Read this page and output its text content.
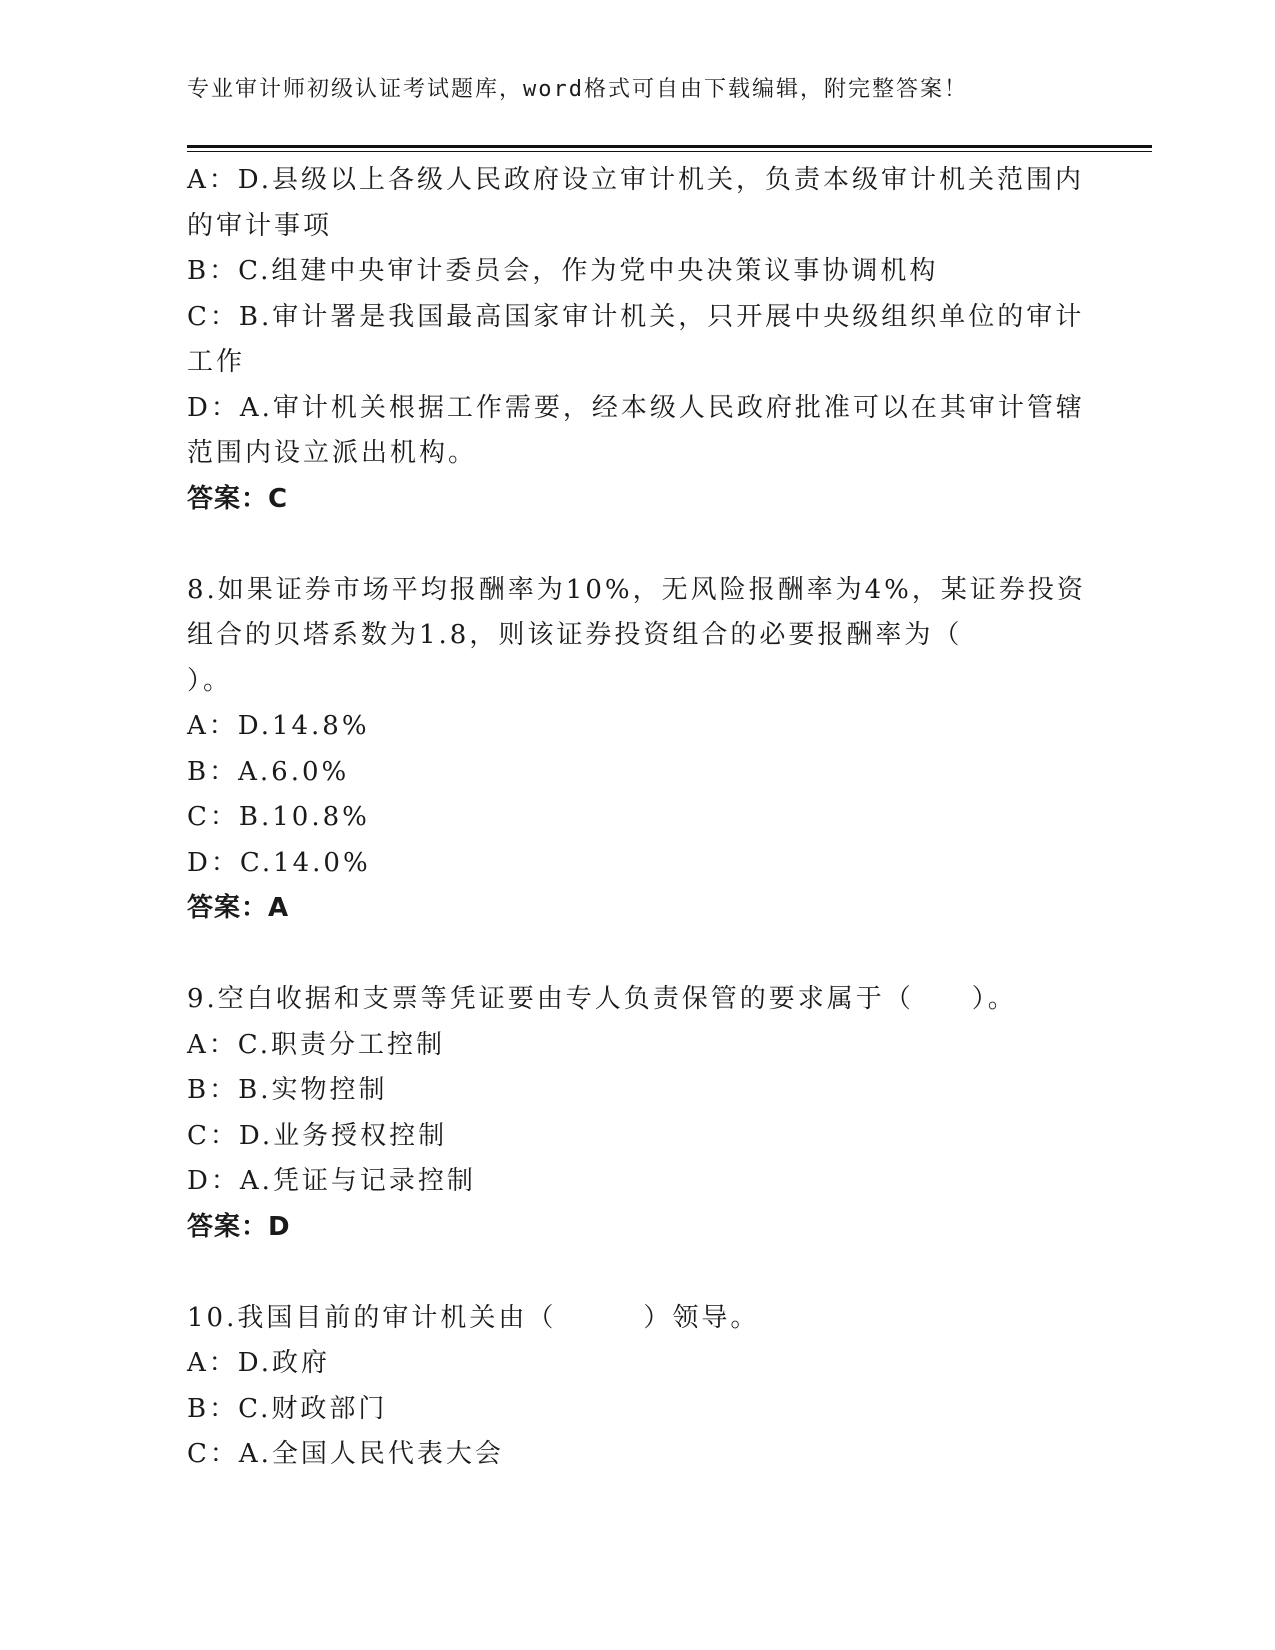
专业审计师初级认证考试题库，word格式可自由下载编辑，附完整答案！
A：D.县级以上各级人民政府设立审计机关，负责本级审计机关范围内
的审计事项
B：C.组建中央审计委员会，作为党中央决策议事协调机构
C：B.审计署是我国最高国家审计机关，只开展中央级组织单位的审计
工作
D：A.审计机关根据工作需要，经本级人民政府批准可以在其审计管辖
范围内设立派出机构。
答案：C
8.如果证券市场平均报酬率为10%，无风险报酬率为4%，某证券投资
组合的贝塔系数为1.8，则该证券投资组合的必要报酬率为（
）。
A：D.14.8%
B：A.6.0%
C：B.10.8%
D：C.14.0%
答案：A
9.空白收据和支票等凭证要由专人负责保管的要求属于（　　）。
A：C.职责分工控制
B：B.实物控制
C：D.业务授权控制
D：A.凭证与记录控制
答案：D
10.我国目前的审计机关由（　　　）领导。
A：D.政府
B：C.财政部门
C：A.全国人民代表大会
